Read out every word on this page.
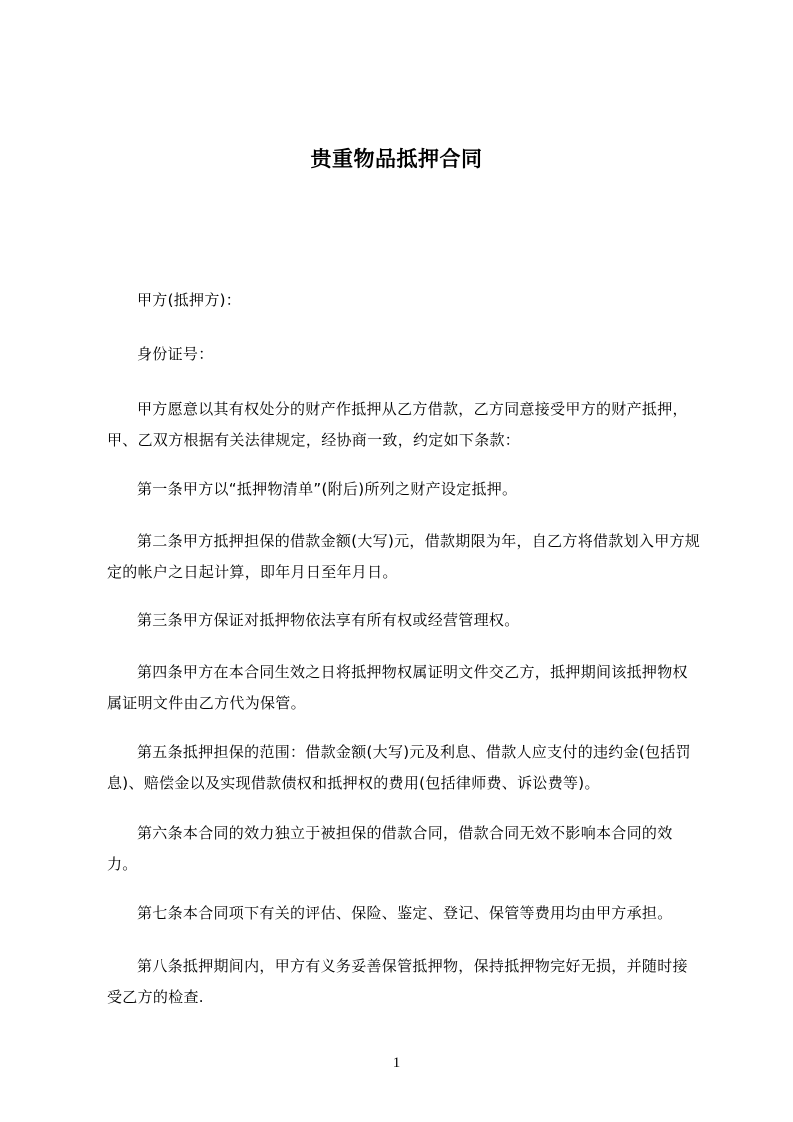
贵重物品抵押合同

甲方(抵押方)：

身份证号：

甲方愿意以其有权处分的财产作抵押从乙方借款，乙方同意接受甲方的财产抵押，甲、乙双方根据有关法律规定，经协商一致，约定如下条款：

第一条甲方以“抵押物清单”(附后)所列之财产设定抵押。

第二条甲方抵押担保的借款金额(大写)元，借款期限为年，自乙方将借款划入甲方规定的帐户之日起计算，即年月日至年月日。

第三条甲方保证对抵押物依法享有所有权或经营管理权。

第四条甲方在本合同生效之日将抵押物权属证明文件交乙方，抵押期间该抵押物权属证明文件由乙方代为保管。

第五条抵押担保的范围：借款金额(大写)元及利息、借款人应支付的违约金(包括罚息)、赔偿金以及实现借款债权和抵押权的费用(包括律师费、诉讼费等)。

第六条本合同的效力独立于被担保的借款合同，借款合同无效不影响本合同的效力。

第七条本合同项下有关的评估、保险、鉴定、登记、保管等费用均由甲方承担。

第八条抵押期间内，甲方有义务妥善保管抵押物，保持抵押物完好无损，并随时接受乙方的检查.

1
